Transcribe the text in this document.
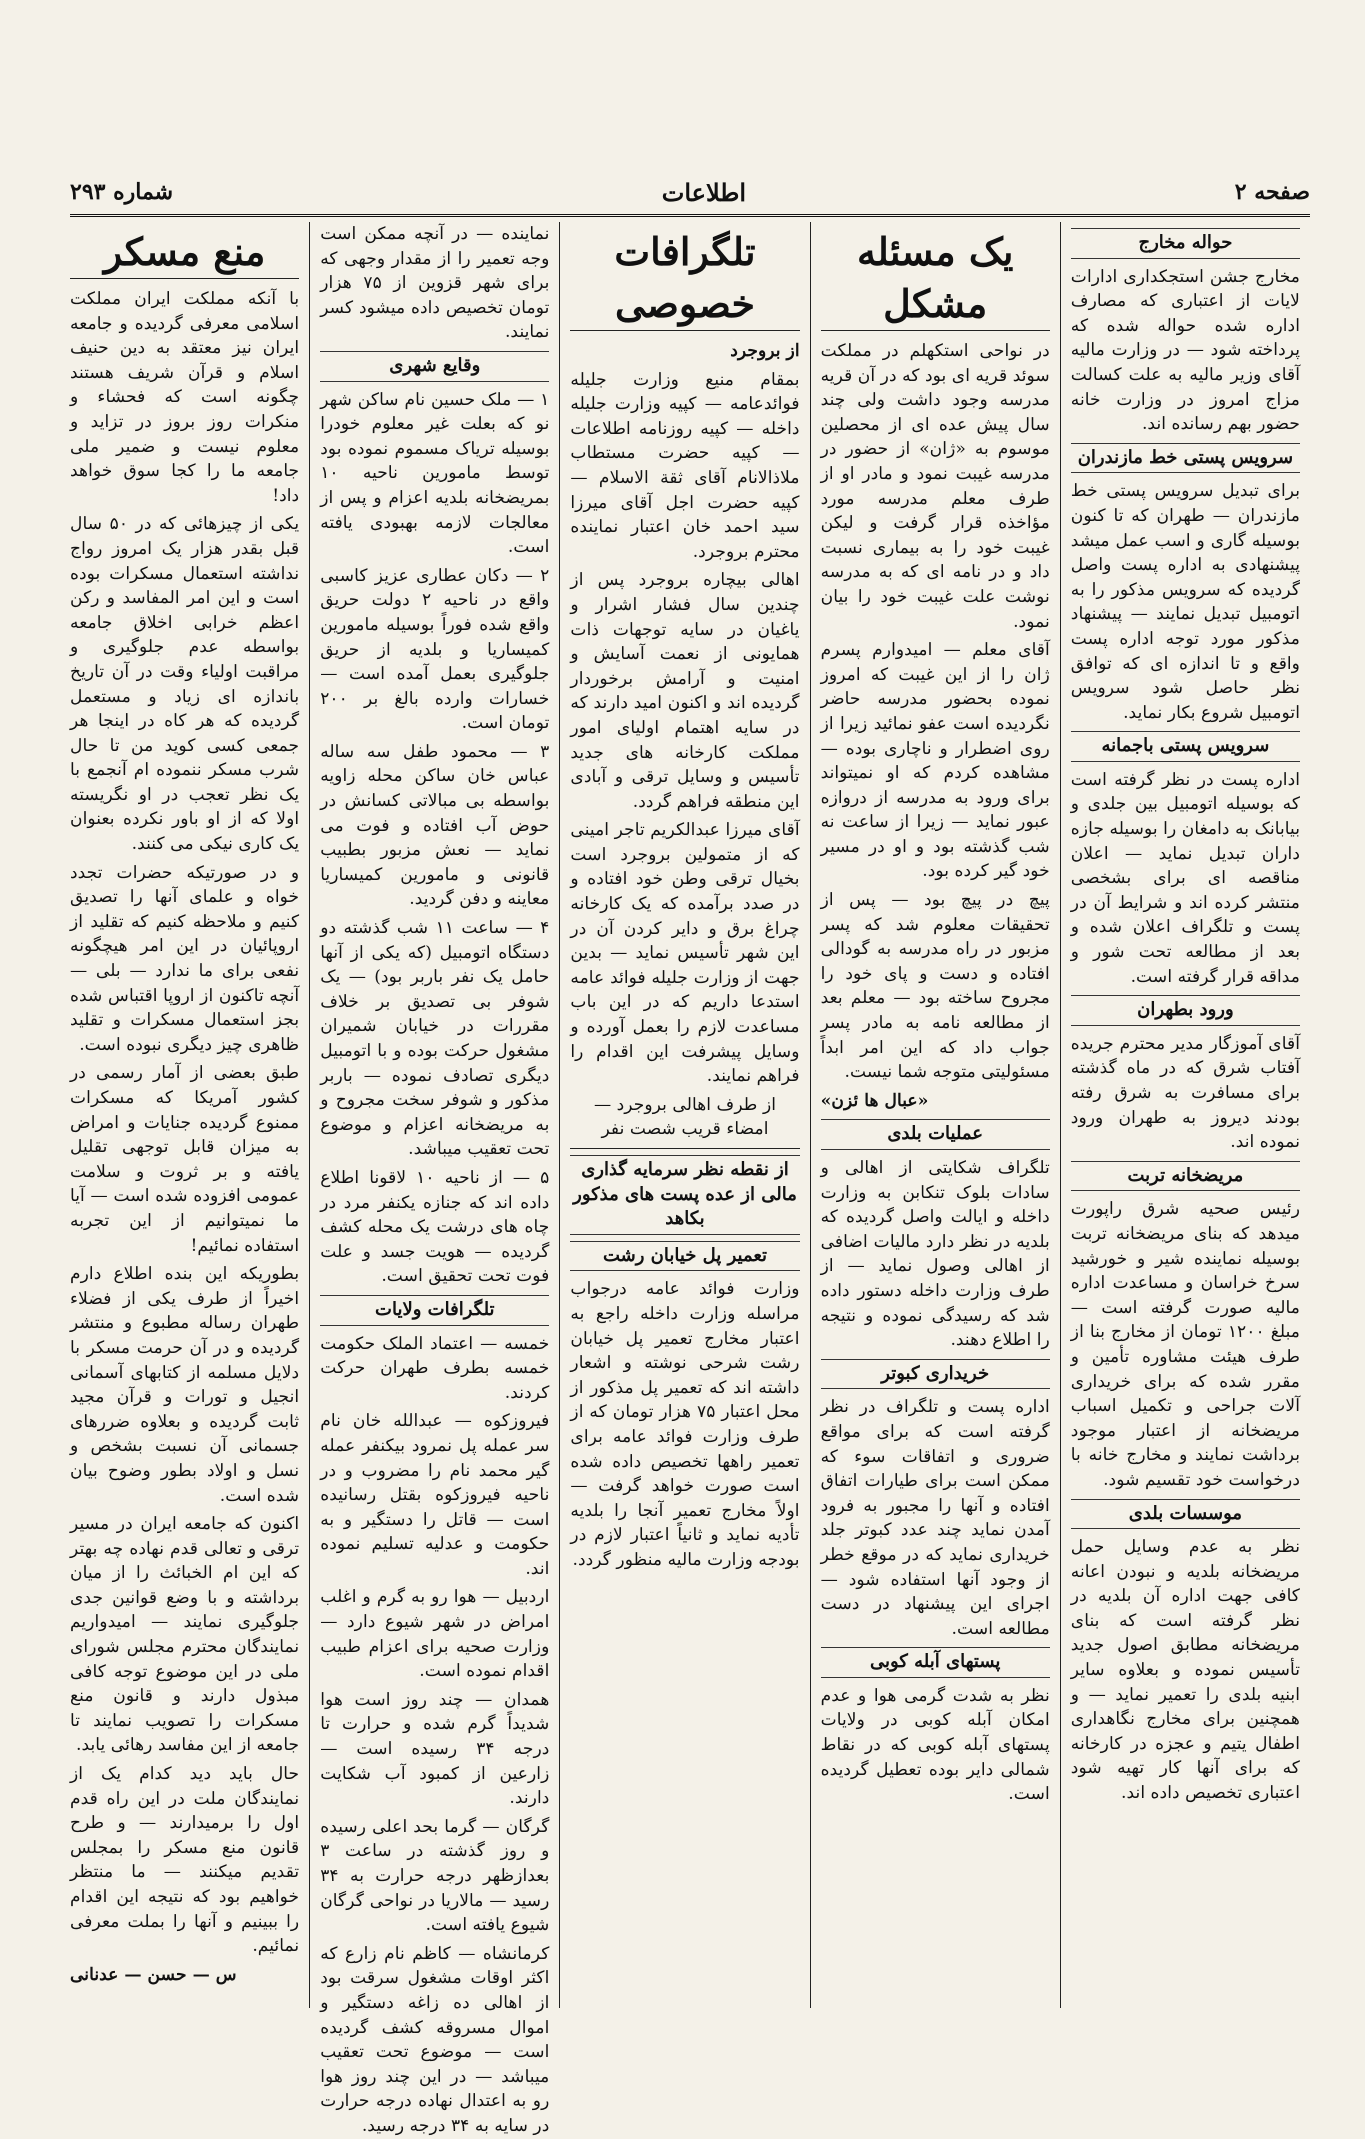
صفحه ۲
اطلاعات
شماره ۲۹۳
حواله مخارج

مخارج جشن استجکداری ادارات لایات از اعتباری که مصارف اداره شده حواله شده که پرداخته شود — در وزارت مالیه آقای وزیر مالیه به علت کسالت مزاج امروز در وزارت خانه حضور بهم رسانده اند.

سرویس پستی خط مازندران

برای تبدیل سرویس پستی خط مازندران — طهران که تا کنون بوسیله گاری و اسب عمل میشد پیشنهادی به اداره پست واصل گردیده که سرویس مذکور را به اتومبیل تبدیل نمایند — پیشنهاد مذکور مورد توجه اداره پست واقع و تا اندازه ای که توافق نظر حاصل شود سرویس اتومبیل شروع بکار نماید.

سرویس پستی باجمانه

اداره پست در نظر گرفته است که بوسیله اتومبیل بین جلدی و بیابانک به دامغان را بوسیله جازه داران تبدیل نماید — اعلان مناقصه ای برای بشخصی منتشر کرده اند و شرایط آن در پست و تلگراف اعلان شده و بعد از مطالعه تحت شور و مداقه قرار گرفته است.

ورود بطهران

آقای آموزگار مدیر محترم جریده آفتاب شرق که در ماه گذشته برای مسافرت به شرق رفته بودند دیروز به طهران ورود نموده اند.

مریضخانه تربت

رئیس صحیه شرق راپورت میدهد که بنای مریضخانه تربت بوسیله نماینده شیر و خورشید سرخ خراسان و مساعدت اداره مالیه صورت گرفته است — مبلغ ۱۲۰۰ تومان از مخارج بنا از طرف هیئت مشاوره تأمین و مقرر شده که برای خریداری آلات جراحی و تکمیل اسباب مریضخانه از اعتبار موجود برداشت نمایند و مخارج خانه با درخواست خود تقسیم شود.

موسسات بلدی

نظر به عدم وسایل حمل مریضخانه بلدیه و نبودن اعانه کافی جهت اداره آن بلدیه در نظر گرفته است که بنای مریضخانه مطابق اصول جدید تأسیس نموده و بعلاوه سایر ابنیه بلدی را تعمیر نماید — و همچنین برای مخارج نگاهداری اطفال یتیم و عجزه در کارخانه که برای آنها کار تهیه شود اعتباری تخصیص داده اند.

یک مسئله مشکل

در نواحی استکهلم در مملکت سوئد قریه ای بود که در آن قریه مدرسه وجود داشت ولی چند سال پیش عده ای از محصلین موسوم به «ژان» از حضور در مدرسه غیبت نمود و مادر او از طرف معلم مدرسه مورد مؤاخذه قرار گرفت و لیکن غیبت خود را به بیماری نسبت داد و در نامه ای که به مدرسه نوشت علت غیبت خود را بیان نمود.

آقای معلم — امیدوارم پسرم ژان را از این غیبت که امروز نموده بحضور مدرسه حاضر نگردیده است عفو نمائید زیرا از روی اضطرار و ناچاری بوده — مشاهده کردم که او نمیتواند برای ورود به مدرسه از دروازه عبور نماید — زیرا از ساعت نه شب گذشته بود و او در مسیر خود گیر کرده بود.

پیچ در پیچ بود — پس از تحقیقات معلوم شد که پسر مزبور در راه مدرسه به گودالی افتاده و دست و پای خود را مجروح ساخته بود — معلم بعد از مطالعه نامه به مادر پسر جواب داد که این امر ابداً مسئولیتی متوجه شما نیست.

«عبال ها ئزن»
عملیات بلدی

تلگراف شکایتی از اهالی و سادات بلوک تنکابن به وزارت داخله و ایالت واصل گردیده که بلدیه در نظر دارد مالیات اضافی از اهالی وصول نماید — از طرف وزارت داخله دستور داده شد که رسیدگی نموده و نتیجه را اطلاع دهند.

خریداری کبوتر

اداره پست و تلگراف در نظر گرفته است که برای مواقع ضروری و اتفاقات سوء که ممکن است برای طیارات اتفاق افتاده و آنها را مجبور به فرود آمدن نماید چند عدد کبوتر جلد خریداری نماید که در موقع خطر از وجود آنها استفاده شود — اجرای این پیشنهاد در دست مطالعه است.

پستهای آبله کوبی

نظر به شدت گرمی هوا و عدم امکان آبله کوبی در ولایات پستهای آبله کوبی که در نقاط شمالی دایر بوده تعطیل گردیده است.

تلگرافات خصوصی

از بروجرد

بمقام منیع وزارت جلیله فوائدعامه — کپیه وزارت جلیله داخله — کپیه روزنامه اطلاعات — کپیه حضرت مستطاب ملاذالانام آقای ثقة الاسلام — کپیه حضرت اجل آقای میرزا سید احمد خان اعتبار نماینده محترم بروجرد.

اهالی بیچاره بروجرد پس از چندین سال فشار اشرار و یاغیان در سایه توجهات ذات همایونی از نعمت آسایش و امنیت و آرامش برخوردار گردیده اند و اکنون امید دارند که در سایه اهتمام اولیای امور مملکت کارخانه های جدید تأسیس و وسایل ترقی و آبادی این منطقه فراهم گردد.

آقای میرزا عبدالکریم تاجر امینی که از متمولین بروجرد است بخیال ترقی وطن خود افتاده و در صدد برآمده که یک کارخانه چراغ برق و دایر کردن آن در این شهر تأسیس نماید — بدین جهت از وزارت جلیله فوائد عامه استدعا داریم که در این باب مساعدت لازم را بعمل آورده و وسایل پیشرفت این اقدام را فراهم نمایند.

از طرف اهالی بروجرد — امضاء قریب شصت نفر

از نقطه نظر سرمایه گذاری مالی از عده پست های مذکور بکاهد
تعمیر پل خیابان رشت

وزارت فوائد عامه درجواب مراسله وزارت داخله راجع به اعتبار مخارج تعمیر پل خیابان رشت شرحی نوشته و اشعار داشته اند که تعمیر پل مذکور از محل اعتبار ۷۵ هزار تومان که از طرف وزارت فوائد عامه برای تعمیر راهها تخصیص داده شده است صورت خواهد گرفت — اولاً مخارج تعمیر آنجا را بلدیه تأدیه نماید و ثانیاً اعتبار لازم در بودجه وزارت مالیه منظور گردد.

نماینده — در آنچه ممکن است وجه تعمیر را از مقدار وجهی که برای شهر قزوین از ۷۵ هزار تومان تخصیص داده میشود کسر نمایند.

وقایع شهری

۱ — ملک حسین نام ساکن شهر نو که بعلت غیر معلوم خودرا بوسیله تریاک مسموم نموده بود توسط مامورین ناحیه ۱۰ بمریضخانه بلدیه اعزام و پس از معالجات لازمه بهبودی یافته است.

۲ — دکان عطاری عزیز کاسبی واقع در ناحیه ۲ دولت حریق واقع شده فوراً بوسیله مامورین کمیساریا و بلدیه از حریق جلوگیری بعمل آمده است — خسارات وارده بالغ بر ۲۰۰ تومان است.

۳ — محمود طفل سه ساله عباس خان ساکن محله زاویه بواسطه بی مبالاتی کسانش در حوض آب افتاده و فوت می نماید — نعش مزبور بطبیب قانونی و مامورین کمیساریا معاینه و دفن گردید.

۴ — ساعت ۱۱ شب گذشته دو دستگاه اتومبیل (که یکی از آنها حامل یک نفر باربر بود) — یک شوفر بی تصدیق بر خلاف مقررات در خیابان شمیران مشغول حرکت بوده و با اتومبیل دیگری تصادف نموده — باربر مذکور و شوفر سخت مجروح و به مریضخانه اعزام و موضوع تحت تعقیب میباشد.

۵ — از ناحیه ۱۰ لاقونا اطلاع داده اند که جنازه یکنفر مرد در چاه های درشت یک محله کشف گردیده — هویت جسد و علت فوت تحت تحقیق است.

تلگرافات ولایات

خمسه — اعتماد الملک حکومت خمسه بطرف طهران حرکت کردند.

فیروزکوه — عبدالله خان نام سر عمله پل نمرود بیکنفر عمله گیر محمد نام را مضروب و در ناحیه فیروزکوه بقتل رسانیده است — قاتل را دستگیر و به حکومت و عدلیه تسلیم نموده اند.

اردبیل — هوا رو به گرم و اغلب امراض در شهر شیوع دارد — وزارت صحیه برای اعزام طبیب اقدام نموده است.

همدان — چند روز است هوا شدیداً گرم شده و حرارت تا درجه ۳۴ رسیده است — زارعین از کمبود آب شکایت دارند.

گرگان — گرما بحد اعلی رسیده و روز گذشته در ساعت ۳ بعدازظهر درجه حرارت به ۳۴ رسید — مالاریا در نواحی گرگان شیوع یافته است.

کرمانشاه — کاظم نام زارع که اکثر اوقات مشغول سرقت بود از اهالی ده زاغه دستگیر و اموال مسروقه کشف گردیده است — موضوع تحت تعقیب میباشد — در این چند روز هوا رو به اعتدال نهاده درجه حرارت در سایه به ۳۴ درجه رسید.

منع مسکر

با آنکه مملکت ایران مملکت اسلامی معرفی گردیده و جامعه ایران نیز معتقد به دین حنیف اسلام و قرآن شریف هستند چگونه است که فحشاء و منکرات روز بروز در تزاید و معلوم نیست و ضمیر ملی جامعه ما را کجا سوق خواهد داد!

یکی از چیزهائی که در ۵۰ سال قبل بقدر هزار یک امروز رواج نداشته استعمال مسکرات بوده است و این امر المفاسد و رکن اعظم خرابی اخلاق جامعه بواسطه عدم جلوگیری و مراقبت اولیاء وقت در آن تاریخ باندازه ای زیاد و مستعمل گردیده که هر کاه در اینجا هر جمعی کسی کوید من تا حال شرب مسکر ننموده ام آنجمع با یک نظر تعجب در او نگریسته اولا که از او باور نکرده بعنوان یک کاری نیکی می کنند.

و در صورتیکه حضرات تجدد خواه و علمای آنها را تصدیق کنیم و ملاحظه کنیم که تقلید از اروپائیان در این امر هیچگونه نفعی برای ما ندارد — بلی — آنچه تاکنون از اروپا اقتباس شده بجز استعمال مسکرات و تقلید ظاهری چیز دیگری نبوده است.

طبق بعضی از آمار رسمی در کشور آمریکا که مسکرات ممنوع گردیده جنایات و امراض به میزان قابل توجهی تقلیل یافته و بر ثروت و سلامت عمومی افزوده شده است — آیا ما نمیتوانیم از این تجربه استفاده نمائیم!

بطوریکه این بنده اطلاع دارم اخیراً از طرف یکی از فضلاء طهران رساله مطبوع و منتشر گردیده و در آن حرمت مسکر با دلایل مسلمه از کتابهای آسمانی انجیل و تورات و قرآن مجید ثابت گردیده و بعلاوه ضررهای جسمانی آن نسبت بشخص و نسل و اولاد بطور وضوح بیان شده است.

اکنون که جامعه ایران در مسیر ترقی و تعالی قدم نهاده چه بهتر که این ام الخبائث را از میان برداشته و با وضع قوانین جدی جلوگیری نمایند — امیدواریم نمایندگان محترم مجلس شورای ملی در این موضوع توجه کافی مبذول دارند و قانون منع مسکرات را تصویب نمایند تا جامعه از این مفاسد رهائی یابد.

حال باید دید کدام یک از نمایندگان ملت در این راه قدم اول را برمیدارند — و طرح قانون منع مسکر را بمجلس تقدیم میکنند — ما منتظر خواهیم بود که نتیجه این اقدام را ببینیم و آنها را بملت معرفی نمائیم.

س — حسن — عدنانی
